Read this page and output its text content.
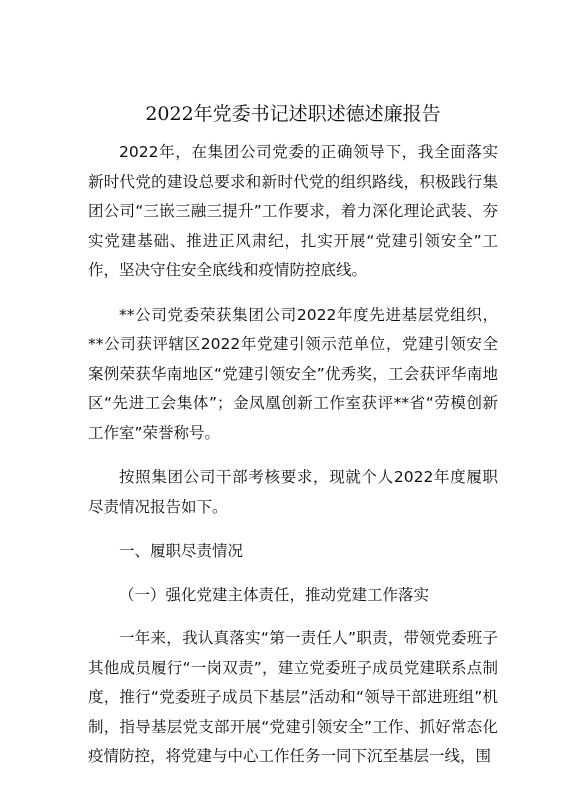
2022年党委书记述职述德述廉报告

2022年，在集团公司党委的正确领导下，我全面落实新时代党的建设总要求和新时代党的组织路线，积极践行集团公司“三嵌三融三提升”工作要求，着力深化理论武装、夯实党建基础、推进正风肃纪，扎实开展“党建引领安全”工作，坚决守住安全底线和疫情防控底线。

**公司党委荣获集团公司2022年度先进基层党组织，**公司获评辖区2022年党建引领示范单位，党建引领安全案例荣获华南地区“党建引领安全”优秀奖，工会获评华南地区“先进工会集体”；金凤凰创新工作室获评**省“劳模创新工作室”荣誉称号。

按照集团公司干部考核要求，现就个人2022年度履职尽责情况报告如下。

一、履职尽责情况

（一）强化党建主体责任，推动党建工作落实

一年来，我认真落实“第一责任人”职责，带领党委班子其他成员履行“一岗双责”，建立党委班子成员党建联系点制度，推行“党委班子成员下基层”活动和“领导干部进班组”机制，指导基层党支部开展“党建引领安全”工作、抓好常态化疫情防控，将党建与中心工作任务一同下沉至基层一线，围
